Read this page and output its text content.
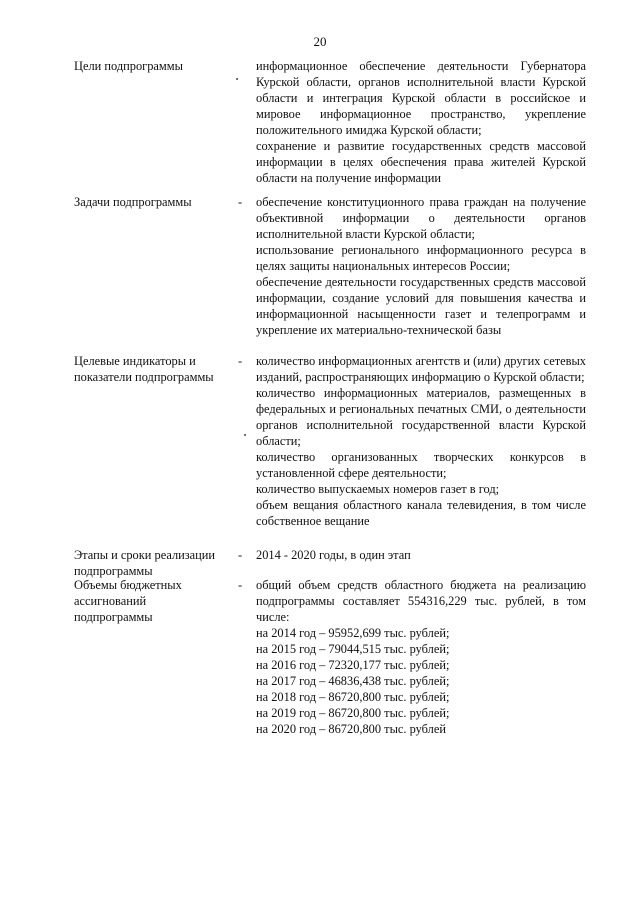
20

Цели подпрограммы	информационное обеспечение деятельности Губернатора Курской области, органов исполнительной власти Курской области и интеграция Курской области в российское и мировое информационное пространство, укрепление положительного имиджа Курской области;

сохранение и развитие государственных средств массовой информации в целях обеспечения права жителей Курской области на получение информации

Задачи подпрограммы	- обеспечение конституционного права граждан на получение объективной информации о деятельности органов исполнительной власти Курской области;

использование регионального информационного ресурса в целях защиты национальных интересов России;

обеспечение деятельности государственных средств массовой информации, создание условий для повышения качества и информационной насыщенности газет и телепрограмм и укрепление их материально-технической базы

Целевые индикаторы и

показатели подпрограммы

- количество информационных агентств и (или) других сетевых изданий, распространяющих информацию о Курской области;

количество информационных материалов, размещенных в федеральных и региональных печатных СМИ, о деятельности органов исполнительной государственной власти Курской области;

количество организованных творческих конкурсов в установленной сфере деятельности;

количество выпускаемых номеров газет в год;

объем вещания областного канала телевидения, в том числе собственное вещание

Этапы и сроки реализации

подпрограммы

- 2014 - 2020 годы, в один этап

Объемы бюджетных

ассигнований

подпрограммы

- общий объем средств областного бюджета на реализацию подпрограммы составляет 554316,229 тыс. рублей, в том числе:

на 2014 год – 95952,699 тыс. рублей;

на 2015 год – 79044,515 тыс. рублей;

на 2016 год – 72320,177 тыс. рублей;

на 2017 год – 46836,438 тыс. рублей;

на 2018 год – 86720,800 тыс. рублей;

на 2019 год – 86720,800 тыс. рублей;

на 2020 год – 86720,800 тыс. рублей
